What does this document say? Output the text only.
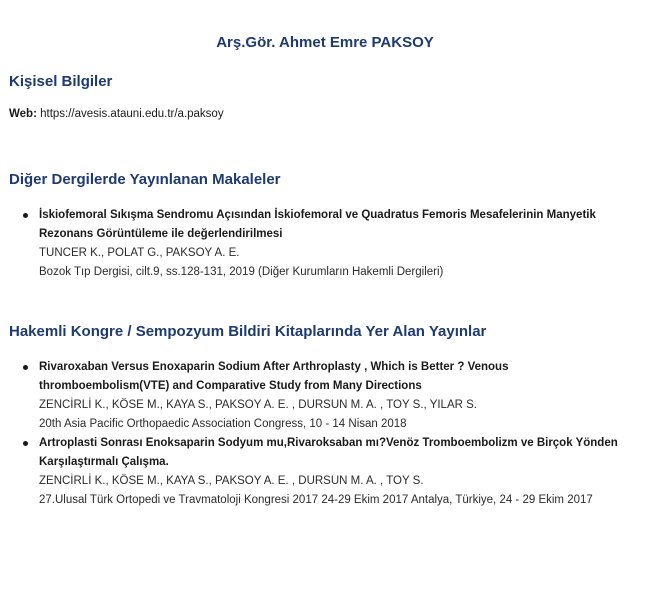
Arş.Gör. Ahmet Emre PAKSOY
Kişisel Bilgiler
Web: https://avesis.atauni.edu.tr/a.paksoy
Diğer Dergilerde Yayınlanan Makaleler
İskiofemoral Sıkışma Sendromu Açısından İskiofemoral ve Quadratus Femoris Mesafelerinin Manyetik Rezonans Görüntüleme ile değerlendirilmesi
TUNCER K., POLAT G., PAKSOY A. E.
Bozok Tıp Dergisi, cilt.9, ss.128-131, 2019 (Diğer Kurumların Hakemli Dergileri)
Hakemli Kongre / Sempozyum Bildiri Kitaplarında Yer Alan Yayınlar
Rivaroxaban Versus Enoxaparin Sodium After Arthroplasty , Which is Better ? Venous thromboembolism(VTE) and Comparative Study from Many Directions
ZENCİRLİ K., KÖSE M., KAYA S., PAKSOY A. E. , DURSUN M. A. , TOY S., YILAR S.
20th Asia Pacific Orthopaedic Association Congress, 10 - 14 Nisan 2018
Artroplasti Sonrası Enoksaparin Sodyum mu,Rivaroksaban mı?Venöz Tromboembolizm ve Birçok Yönden Karşılaştırmalı Çalışma.
ZENCİRLİ K., KÖSE M., KAYA S., PAKSOY A. E. , DURSUN M. A. , TOY S.
27.Ulusal Türk Ortopedi ve Travmatoloji Kongresi 2017 24-29 Ekim 2017 Antalya, Türkiye, 24 - 29 Ekim 2017
